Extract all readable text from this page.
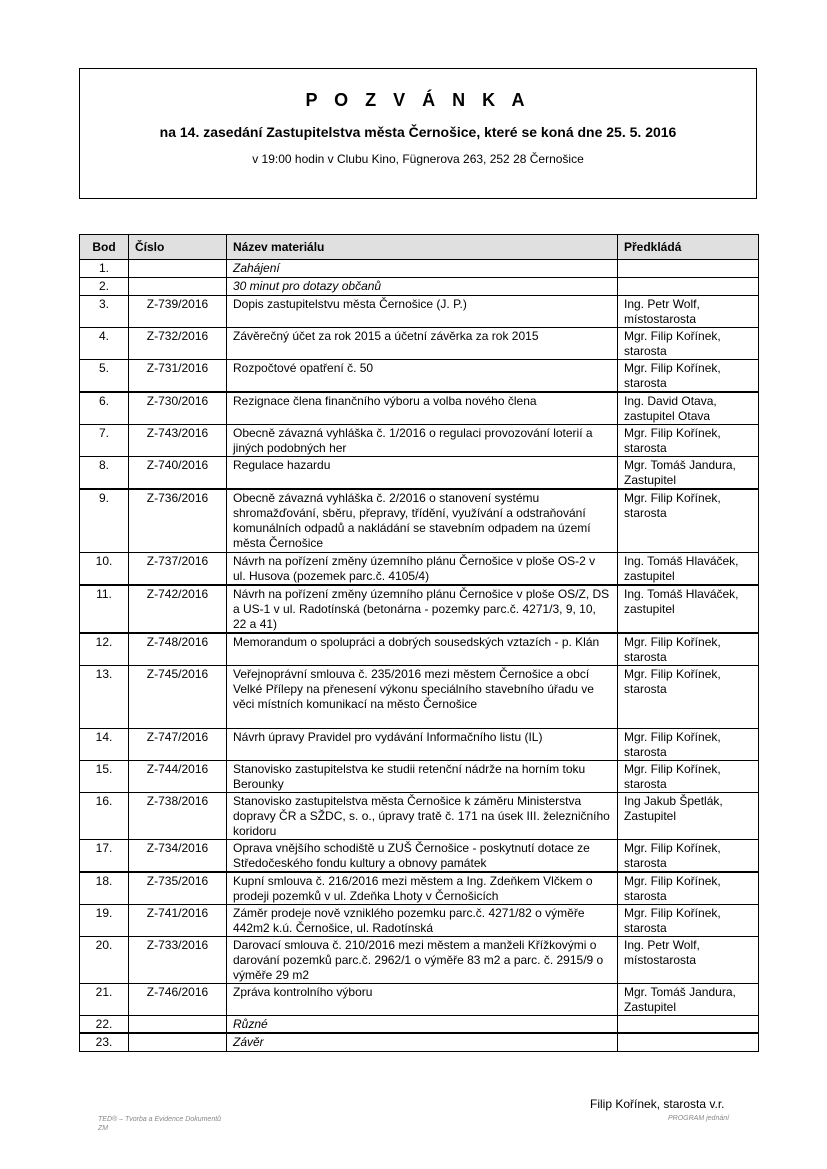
P O Z V Á N K A
na 14. zasedání Zastupitelstva města Černošice, které se koná dne 25. 5. 2016
v 19:00 hodin v Clubu Kino, Fügnerova 263, 252 28 Černošice
Bod	Číslo	Název materiálu	Předkládá
1.		Zahájení	
2.		30 minut pro dotazy občanů	
3.	Z-739/2016	Dopis zastupitelstvu města Černošice (J. P.)	Ing. Petr Wolf, místostarosta
4.	Z-732/2016	Závěrečný účet za rok 2015 a účetní závěrka za rok 2015	Mgr. Filip Kořínek, starosta
5.	Z-731/2016	Rozpočtové opatření č. 50	Mgr. Filip Kořínek, starosta
6.	Z-730/2016	Rezignace člena finančního výboru a volba nového člena	Ing. David Otava, zastupitel Otava
7.	Z-743/2016	Obecně závazná vyhláška č. 1/2016 o regulaci provozování loterií a jiných podobných her	Mgr. Filip Kořínek, starosta
8.	Z-740/2016	Regulace hazardu	Mgr. Tomáš Jandura, Zastupitel
9.	Z-736/2016	Obecně závazná vyhláška č. 2/2016 o stanovení systému shromažďování, sběru, přepravy, třídění, využívání a odstraňování komunálních odpadů a nakládání se stavebním odpadem na území města Černošice	Mgr. Filip Kořínek, starosta
10.	Z-737/2016	Návrh na pořízení změny územního plánu Černošice v ploše OS-2 v ul. Husova (pozemek parc.č. 4105/4)	Ing. Tomáš Hlaváček, zastupitel
11.	Z-742/2016	Návrh na pořízení změny územního plánu Černošice v ploše OS/Z, DS a US-1 v ul. Radotínská (betonárna - pozemky parc.č. 4271/3, 9, 10, 22 a 41)	Ing. Tomáš Hlaváček, zastupitel
12.	Z-748/2016	Memorandum o spolupráci a dobrých sousedských vztazích - p. Klán	Mgr. Filip Kořínek, starosta
13.	Z-745/2016	Veřejnoprávní smlouva č. 235/2016 mezi městem Černošice a obcí Velké Přílepy na přenesení výkonu speciálního stavebního úřadu ve věci místních komunikací na město Černošice	Mgr. Filip Kořínek, starosta
14.	Z-747/2016	Návrh úpravy Pravidel pro vydávání Informačního listu (IL)	Mgr. Filip Kořínek, starosta
15.	Z-744/2016	Stanovisko zastupitelstva ke studii retenční nádrže na horním toku Berounky	Mgr. Filip Kořínek, starosta
16.	Z-738/2016	Stanovisko zastupitelstva města Černošice k záměru Ministerstva dopravy ČR a SŽDC, s. o., úpravy tratě č. 171 na úsek III. železničního koridoru	Ing Jakub Špetlák, Zastupitel
17.	Z-734/2016	Oprava vnějšího schodiště u ZUŠ Černošice - poskytnutí dotace ze Středočeského fondu kultury a obnovy památek	Mgr. Filip Kořínek, starosta
18.	Z-735/2016	Kupní smlouva č. 216/2016 mezi městem a Ing. Zdeňkem Vlčkem o prodeji pozemků v ul. Zdeňka Lhoty v Černošicích	Mgr. Filip Kořínek, starosta
19.	Z-741/2016	Záměr prodeje nově vzniklého pozemku parc.č. 4271/82 o výměře 442m2 k.ú. Černošice, ul. Radotínská	Mgr. Filip Kořínek, starosta
20.	Z-733/2016	Darovací smlouva č. 210/2016 mezi městem a manželi Křížkovými o darování pozemků parc.č. 2962/1 o výměře 83 m2 a parc. č. 2915/9 o výměře 29 m2	Ing. Petr Wolf, místostarosta
21.	Z-746/2016	Zpráva kontrolního výboru	Mgr. Tomáš Jandura, Zastupitel
22.		Různé	
23.		Závěr	
Filip Kořínek, starosta v.r.
TED® – Tvorba a Evidence Dokumentů
ZM
PROGRAM jednání
